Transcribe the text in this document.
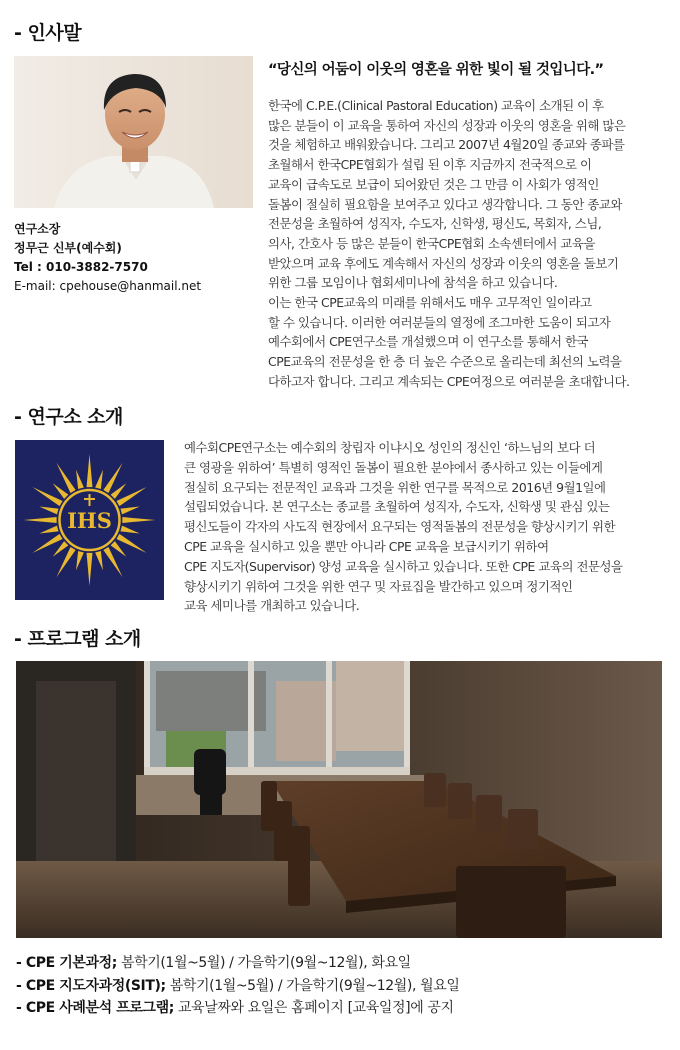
- 인사말
연구소장
정무근 신부(예수회)
Tel : 010-3882-7570
E-mail: cpehouse@hanmail.net
“당신의 어둠이 이웃의 영혼을 위한 빛이 될 것입니다.”
한국에 C.P.E.(Clinical Pastoral Education) 교육이 소개된 이 후
많은 분들이 이 교육을 통하여 자신의 성장과 이웃의 영혼을 위해 많은
것을 체험하고 배워왔습니다. 그리고 2007년 4월20일 종교와 종파를
초월해서 한국CPE협회가 설립 된 이후 지금까지 전국적으로 이
교육이 급속도로 보급이 되어왔던 것은 그 만큼 이 사회가 영적인
돌봄이 절실히 필요함을 보여주고 있다고 생각합니다. 그 동안 종교와
전문성을 초월하여 성직자, 수도자, 신학생, 평신도, 목회자, 스님,
의사, 간호사 등 많은 분들이 한국CPE협회 소속센터에서 교육을
받았으며 교육 후에도 계속해서 자신의 성장과 이웃의 영혼을 돌보기
위한 그룹 모임이나 협회세미나에 참석을 하고 있습니다.
이는 한국 CPE교육의 미래를 위해서도 매우 고무적인 일이라고
할 수 있습니다. 이러한 여러분들의 열정에 조그마한 도움이 되고자
예수회에서 CPE연구소를 개설했으며 이 연구소를 통해서 한국
CPE교육의 전문성을 한 층 더 높은 수준으로 올리는데 최선의 노력을
다하고자 합니다. 그리고 계속되는 CPE여정으로 여러분을 초대합니다.
- 연구소 소개
IHS
예수회CPE연구소는 예수회의 창립자 이냐시오 성인의 정신인 ‘하느님의 보다 더
큰 영광을 위하여’ 특별히 영적인 돌봄이 필요한 분야에서 종사하고 있는 이들에게
절실히 요구되는 전문적인 교육과 그것을 위한 연구를 목적으로 2016년 9월1일에
설립되었습니다. 본 연구소는 종교를 초월하여 성직자, 수도자, 신학생 및 관심 있는
평신도들이 각자의 사도직 현장에서 요구되는 영적돌봄의 전문성을 향상시키기 위한
CPE 교육을 실시하고 있을 뿐만 아니라 CPE 교육을 보급시키기 위하여
CPE 지도자(Supervisor) 양성 교육을 실시하고 있습니다. 또한 CPE 교육의 전문성을
향상시키기 위하여 그것을 위한 연구 및 자료집을 발간하고 있으며 정기적인
교육 세미나를 개최하고 있습니다.
- 프로그램 소개
- CPE 기본과정; 봄학기(1월~5월) / 가을학기(9월~12월), 화요일
- CPE 지도자과정(SIT); 봄학기(1월~5월) / 가을학기(9월~12월), 월요일
- CPE 사례분석 프로그램; 교육날짜와 요일은 홈페이지 [교육일정]에 공지
